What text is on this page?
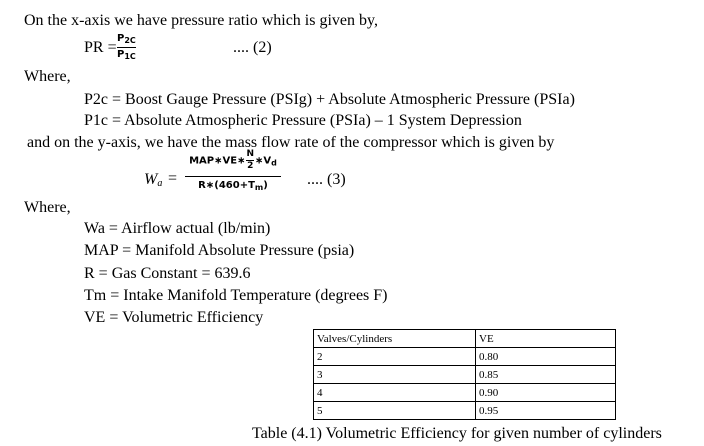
On the x-axis we have pressure ratio which is given by,
PR =
$P_{2C}$
$P_{1C}$
.... (2)
Where,
P2c = Boost Gauge Pressure (PSIg) + Absolute Atmospheric Pressure (PSIa)
P1c = Absolute Atmospheric Pressure (PSIa) – 1 System Depression
and on the y-axis, we have the mass flow rate of the compressor which is given by
$W_a$ =
MAP∗VE∗ $\frac{N}{2}$ $∗V_d$
$R∗(460+T_m)$	.... (3)
Where,
Wa = Airflow actual (lb/min)
MAP = Manifold Absolute Pressure (psia)
R = Gas Constant = 639.6
Tm = Intake Manifold Temperature (degrees F)
VE = Volumetric Efficiency
Valves/Cylinders	VE
2	0.80
3	0.85
4	0.90
5	0.95
Table (4.1) Volumetric Efficiency for given number of cylinders
